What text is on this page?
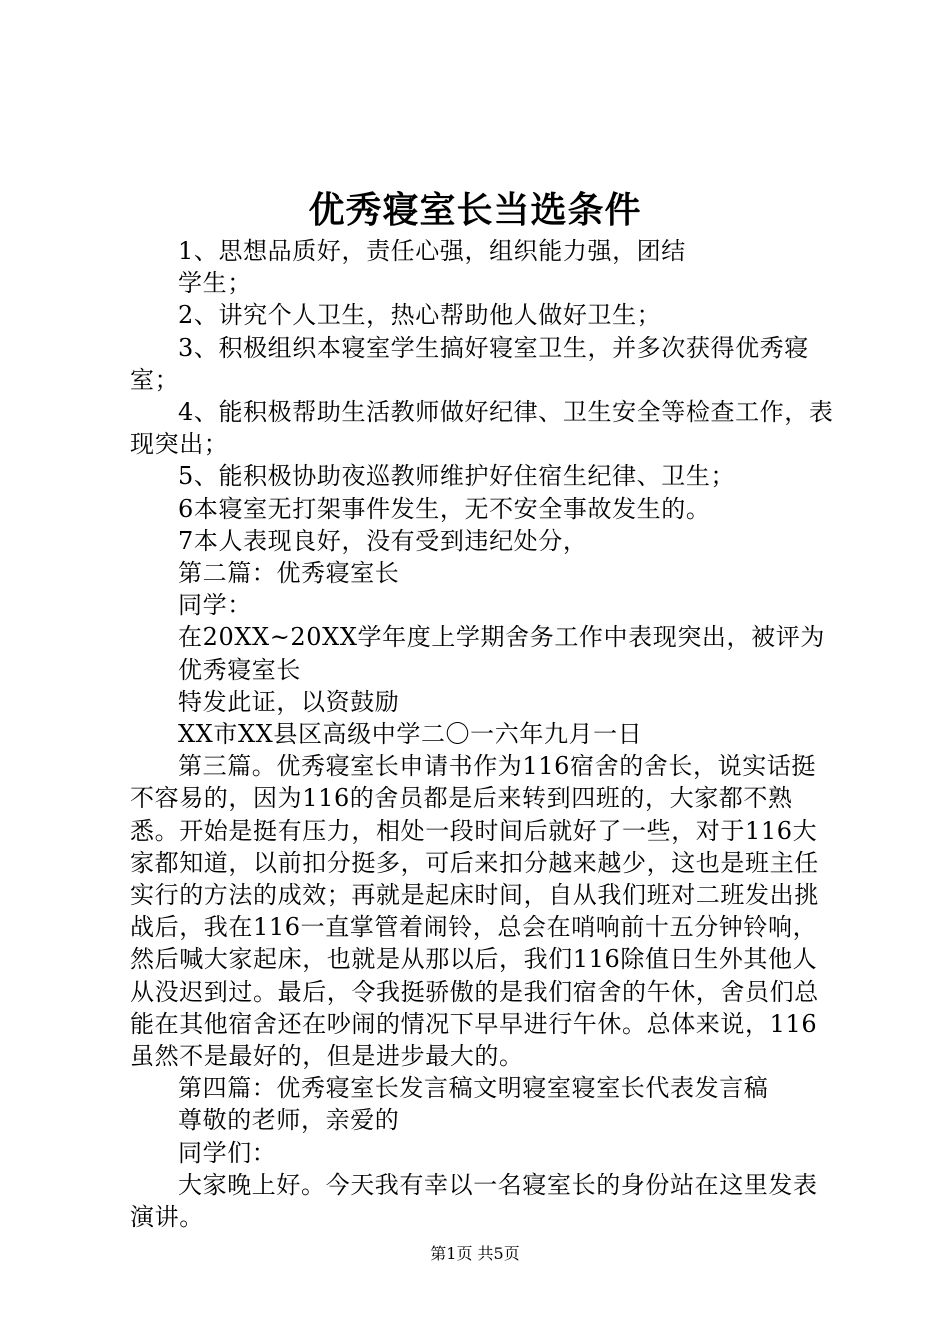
优秀寝室长当选条件

1、思想品质好，责任心强，组织能力强，团结

学生；

2、讲究个人卫生，热心帮助他人做好卫生；

3、积极组织本寝室学生搞好寝室卫生，并多次获得优秀寝室；

4、能积极帮助生活教师做好纪律、卫生安全等检查工作，表现突出；

5、能积极协助夜巡教师维护好住宿生纪律、卫生；

6本寝室无打架事件发生，无不安全事故发生的。

7本人表现良好，没有受到违纪处分，

第二篇：优秀寝室长

同学：

在20XX~20XX学年度上学期舍务工作中表现突出，被评为

优秀寝室长

特发此证，以资鼓励

XX市XX县区高级中学二〇一六年九月一日

第三篇。优秀寝室长申请书作为116宿舍的舍长，说实话挺不容易的，因为116的舍员都是后来转到四班的，大家都不熟悉。开始是挺有压力，相处一段时间后就好了一些，对于116大家都知道，以前扣分挺多，可后来扣分越来越少，这也是班主任实行的方法的成效；再就是起床时间，自从我们班对二班发出挑战后，我在116一直掌管着闹铃，总会在哨响前十五分钟铃响，然后喊大家起床，也就是从那以后，我们116除值日生外其他人从没迟到过。最后，令我挺骄傲的是我们宿舍的午休，舍员们总能在其他宿舍还在吵闹的情况下早早进行午休。总体来说，116虽然不是最好的，但是进步最大的。

第四篇：优秀寝室长发言稿文明寝室寝室长代表发言稿

尊敬的老师，亲爱的

同学们：

大家晚上好。今天我有幸以一名寝室长的身份站在这里发表演讲。

第1页 共5页
